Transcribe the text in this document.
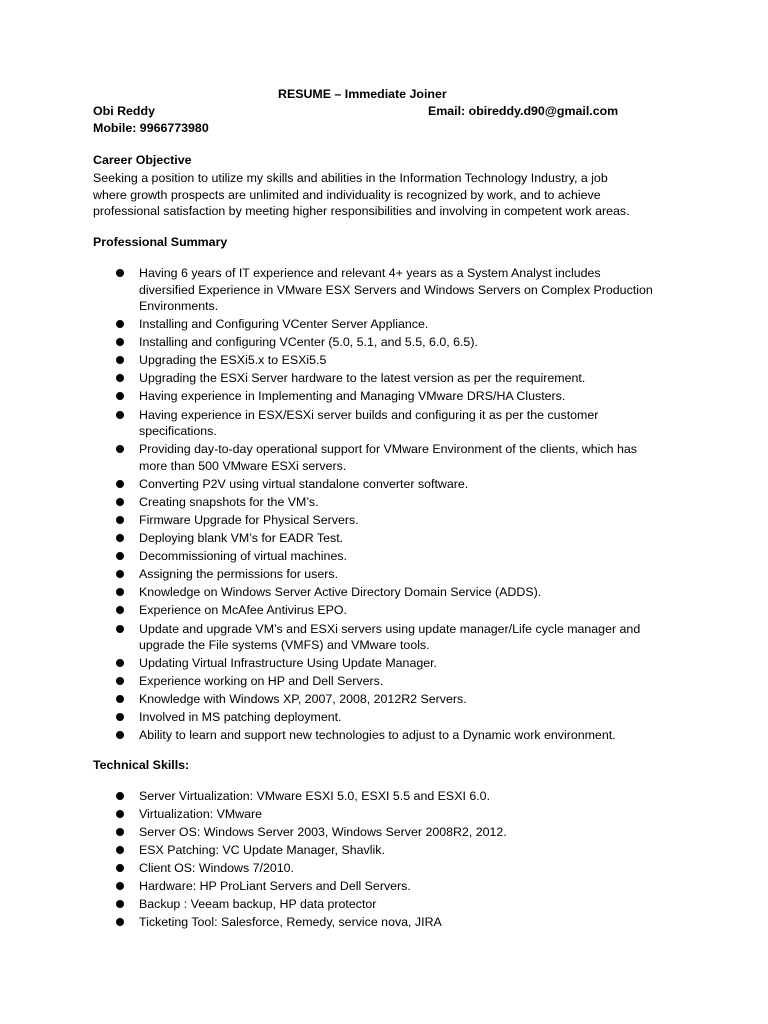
RESUME – Immediate Joiner
Obi Reddy	Email: obireddy.d90@gmail.com
Mobile: 9966773980
Career Objective
Seeking a position to utilize my skills and abilities in the Information Technology Industry, a job
where growth prospects are unlimited and individuality is recognized by work, and to achieve
professional satisfaction by meeting higher responsibilities and involving in competent work areas.
Professional Summary
Having 6 years of IT experience and relevant 4+ years as a System Analyst includes
diversified Experience in VMware ESX Servers and Windows Servers on Complex Production
Environments.
Installing and Configuring VCenter Server Appliance.
Installing and configuring VCenter (5.0, 5.1, and 5.5, 6.0, 6.5).
Upgrading the ESXi5.x to ESXi5.5
Upgrading the ESXi Server hardware to the latest version as per the requirement.
Having experience in Implementing and Managing VMware DRS/HA Clusters.
Having experience in ESX/ESXi server builds and configuring it as per the customer
specifications.
Providing day-to-day operational support for VMware Environment of the clients, which has
more than 500 VMware ESXi servers.
Converting P2V using virtual standalone converter software.
Creating snapshots for the VM’s.
Firmware Upgrade for Physical Servers.
Deploying blank VM’s for EADR Test.
Decommissioning of virtual machines.
Assigning the permissions for users.
Knowledge on Windows Server Active Directory Domain Service (ADDS).
Experience on McAfee Antivirus EPO.
Update and upgrade VM’s and ESXi servers using update manager/Life cycle manager and
upgrade the File systems (VMFS) and VMware tools.
Updating Virtual Infrastructure Using Update Manager.
Experience working on HP and Dell Servers.
Knowledge with Windows XP, 2007, 2008, 2012R2 Servers.
Involved in MS patching deployment.
Ability to learn and support new technologies to adjust to a Dynamic work environment.
Technical Skills:
Server Virtualization: VMware ESXI 5.0, ESXI 5.5 and ESXI 6.0.
Virtualization: VMware
Server OS: Windows Server 2003, Windows Server 2008R2, 2012.
ESX Patching: VC Update Manager, Shavlik.
Client OS: Windows 7/2010.
Hardware: HP ProLiant Servers and Dell Servers.
Backup : Veeam backup, HP data protector
Ticketing Tool: Salesforce, Remedy, service nova, JIRA
